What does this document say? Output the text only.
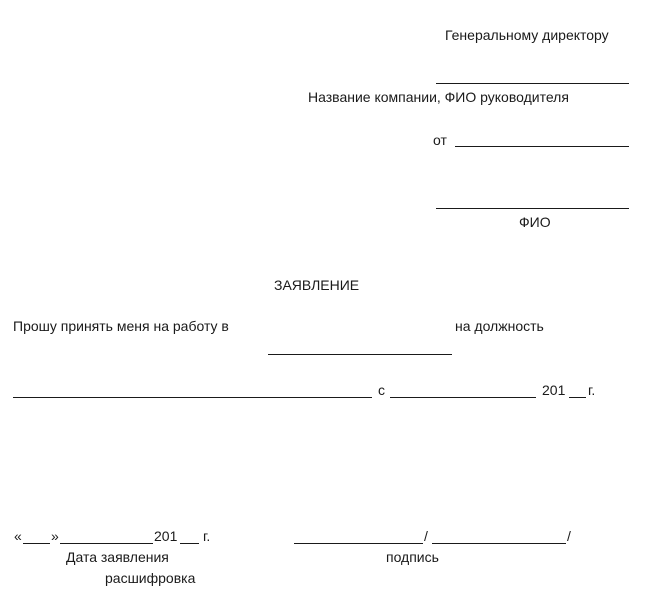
Генеральному директору
Название компании, ФИО руководителя
от
ФИО
ЗАЯВЛЕНИЕ
Прошу принять меня на работу в	на должность
с	201 г.
« »	201 г.	/	/
Дата заявления	подпись
расшифровка
